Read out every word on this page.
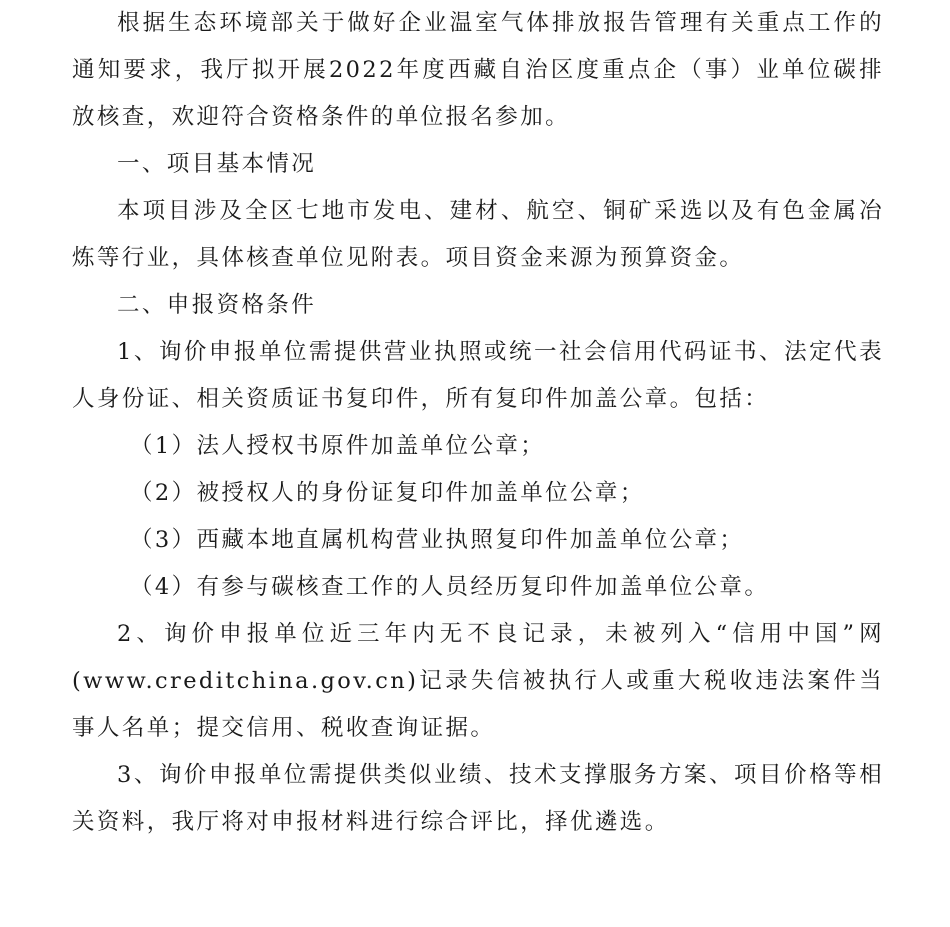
根据生态环境部关于做好企业温室气体排放报告管理有关重点工作的通知要求，我厅拟开展2022年度西藏自治区度重点企（事）业单位碳排放核查，欢迎符合资格条件的单位报名参加。

一、项目基本情况

本项目涉及全区七地市发电、建材、航空、铜矿采选以及有色金属冶炼等行业，具体核查单位见附表。项目资金来源为预算资金。

二、申报资格条件

1、询价申报单位需提供营业执照或统一社会信用代码证书、法定代表人身份证、相关资质证书复印件，所有复印件加盖公章。包括：

（1）法人授权书原件加盖单位公章；

（2）被授权人的身份证复印件加盖单位公章；

（3）西藏本地直属机构营业执照复印件加盖单位公章；

（4）有参与碳核查工作的人员经历复印件加盖单位公章。

2、询价申报单位近三年内无不良记录，未被列入“信用中国”网(www.creditchina.gov.cn)记录失信被执行人或重大税收违法案件当事人名单；提交信用、税收查询证据。

3、询价申报单位需提供类似业绩、技术支撑服务方案、项目价格等相关资料，我厅将对申报材料进行综合评比，择优遴选。
